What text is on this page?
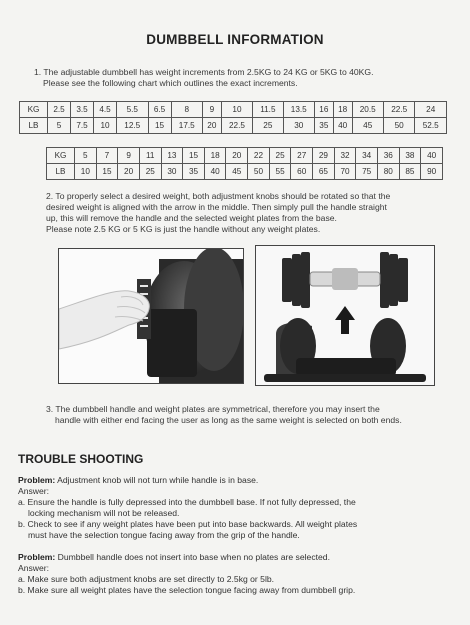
DUMBBELL INFORMATION
1. The adjustable dumbbell has weight increments from 2.5KG to 24 KG or 5KG to 40KG.
Please see the following chart which outlines the exact increments.
KG	2.5	3.5	4.5	5.5	6.5	8	9	10	11.5	13.5	16	18	20.5	22.5	24
LB	5	7.5	10	12.5	15	17.5	20	22.5	25	30	35	40	45	50	52.5
KG	5	7	9	11	13	15	18	20	22	25	27	29	32	34	36	38	40
LB	10	15	20	25	30	35	40	45	50	55	60	65	70	75	80	85	90
2. To properly select a desired weight, both adjustment knobs should be rotated so that the
desired weight is aligned with the arrow in the middle. Then simply pull the handle straight
up, this will remove the handle and the selected weight plates from the base.
Please note 2.5 KG or 5 KG is just the handle without any weight plates.
3. The dumbbell handle and weight plates are symmetrical, therefore you may insert the
handle with either end facing the user as long as the same weight is selected on both ends.
TROUBLE SHOOTING
Problem: Adjustment knob will not turn while handle is in base.
Answer:
a. Ensure the handle is fully depressed into the dumbbell base. If not fully depressed, the
locking mechanism will not be released.
b. Check to see if any weight plates have been put into base backwards. All weight plates
must have the selection tongue facing away from the grip of the handle.
Problem: Dumbbell handle does not insert into base when no plates are selected.
Answer:
a. Make sure both adjustment knobs are set directly to 2.5kg or 5lb.
b. Make sure all weight plates have the selection tongue facing away from dumbbell grip.
